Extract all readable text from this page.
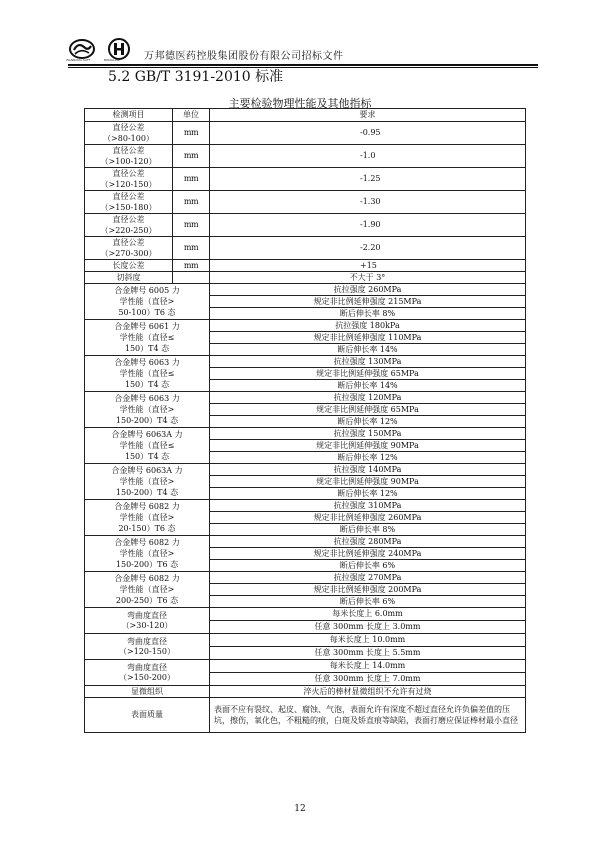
WANBANG SOFT	BONGLINK 万邦德医药控股集团股份有限公司招标文件
5.2 GB/T 3191-2010 标准
主要检验物理性能及其他指标
检测项目	单位	要求

直径公差
（>80-100）	mm	-0.95

直径公差
（>100-120）	mm	-1.0

直径公差
（>120-150）	mm	-1.25

直径公差
（>150-180）	mm	-1.30

直径公差
（>220-250）	mm	-1.90

直径公差
（>270-300）	mm	-2.20
长度公差	mm	+15
切斜度		不大于 3°

合金牌号 6005 力
学性能（直径>
50-100）T6 态		抗拉强度 260MPa
		规定非比例延伸强度 215MPa
		断后伸长率 8%

合金牌号 6061 力
学性能（直径≤
150）T4 态		抗拉强度 180kPa
		规定非比例延伸强度 110MPa
		断后伸长率 14%

合金牌号 6063 力
学性能（直径≤
150）T4 态		抗拉强度 130MPa
		规定非比例延伸强度 65MPa
		断后伸长率 14%

合金牌号 6063 力
学性能（直径>
150-200）T4 态		抗拉强度 120MPa
		规定非比例延伸强度 65MPa
		断后伸长率 12%

合金牌号 6063A 力
学性能（直径≤
150）T4 态		抗拉强度 150MPa
		规定非比例延伸强度 90MPa
		断后伸长率 12%

合金牌号 6063A 力
学性能（直径>
150-200）T4 态		抗拉强度 140MPa
		规定非比例延伸强度 90MPa
		断后伸长率 12%

合金牌号 6082 力
学性能（直径>
20-150）T6 态		抗拉强度 310MPa
		规定非比例延伸强度 260MPa
		断后伸长率 8%

合金牌号 6082 力
学性能（直径>
150-200）T6 态		抗拉强度 280MPa
		规定非比例延伸强度 240MPa
		断后伸长率 6%

合金牌号 6082 力
学性能（直径>
200-250）T6 态		抗拉强度 270MPa
		规定非比例延伸强度 200MPa
		断后伸长率 6%

弯曲度直径
（>30-120）		每米长度上 6.0mm
		任意 300mm 长度上 3.0mm

弯曲度直径
（>120-150）		每米长度上 10.0mm
		任意 300mm 长度上 5.5mm

弯曲度直径
（>150-200）		每米长度上 14.0mm
		任意 300mm 长度上 7.0mm
显微组织		淬火后的棒材显微组织不允许有过烧
表面质量		表面不应有裂纹、起皮、腐蚀、气泡，表面允许有深度不超过直径允许负偏差值的压坑，擦伤，氧化色，不粗糙的痕，白斑及矫直痕等缺陷，表面打磨应保证棒材最小直径
12
